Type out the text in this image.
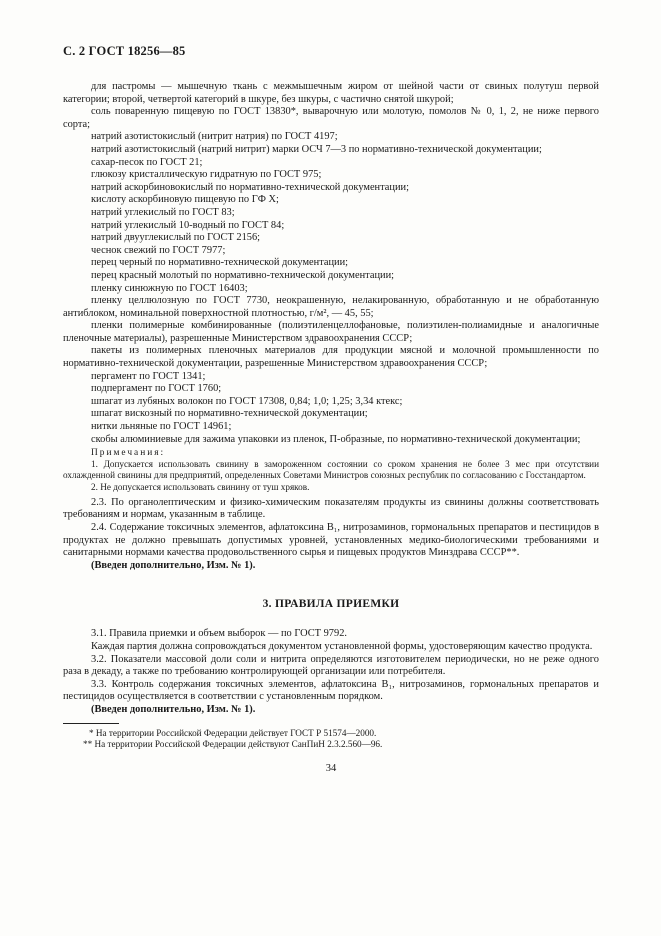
С. 2 ГОСТ 18256—85

для пастромы — мышечную ткань с межмышечным жиром от шейной части от свиных полутуш первой категории; второй, четвертой категорий в шкуре, без шкуры, с частично снятой шкурой;

соль поваренную пищевую по ГОСТ 13830*, выварочную или молотую, помолов № 0, 1, 2, не ниже первого сорта;

натрий азотистокислый (нитрит натрия) по ГОСТ 4197;

натрий азотистокислый (натрий нитрит) марки ОСЧ 7—3 по нормативно-технической документации;

сахар-песок по ГОСТ 21;

глюкозу кристаллическую гидратную по ГОСТ 975;

натрий аскорбиновокислый по нормативно-технической документации;

кислоту аскорбиновую пищевую по ГФ X;

натрий углекислый по ГОСТ 83;

натрий углекислый 10-водный по ГОСТ 84;

натрий двууглекислый по ГОСТ 2156;

чеснок свежий по ГОСТ 7977;

перец черный по нормативно-технической документации;

перец красный молотый по нормативно-технической документации;

пленку синюжную по ГОСТ 16403;

пленку целлюлозную по ГОСТ 7730, неокрашенную, нелакированную, обработанную и не обработанную антиблоком, номинальной поверхностной плотностью, г/м², — 45, 55;

пленки полимерные комбинированные (полиэтиленцеллофановые, полиэтилен-полиамидные и аналогичные пленочные материалы), разрешенные Министерством здравоохранения СССР;

пакеты из полимерных пленочных материалов для продукции мясной и молочной промышленности по нормативно-технической документации, разрешенные Министерством здравоохранения СССР;

пергамент по ГОСТ 1341;

подпергамент по ГОСТ 1760;

шпагат из лубяных волокон по ГОСТ 17308, 0,84; 1,0; 1,25; 3,34 ктекс;

шпагат вискозный по нормативно-технической документации;

нитки льняные по ГОСТ 14961;

скобы алюминиевые для зажима упаковки из пленок, П-образные, по нормативно-технической документации;

Примечания:

1. Допускается использовать свинину в замороженном состоянии со сроком хранения не более 3 мес при отсутствии охлажденной свинины для предприятий, определенных Советами Министров союзных республик по согласованию с Госстандартом.

2. Не допускается использовать свинину от туш хряков.

2.3. По органолептическим и физико-химическим показателям продукты из свинины должны соответствовать требованиям и нормам, указанным в таблице.

2.4. Содержание токсичных элементов, афлатоксина B₁, нитрозаминов, гормональных препаратов и пестицидов в продуктах не должно превышать допустимых уровней, установленных медико-биологическими требованиями и санитарными нормами качества продовольственного сырья и пищевых продуктов Минздрава СССР**.

(Введен дополнительно, Изм. № 1).

3. ПРАВИЛА ПРИЕМКИ

3.1. Правила приемки и объем выборок — по ГОСТ 9792.

Каждая партия должна сопровождаться документом установленной формы, удостоверяющим качество продукта.

3.2. Показатели массовой доли соли и нитрита определяются изготовителем периодически, но не реже одного раза в декаду, а также по требованию контролирующей организации или потребителя.

3.3. Контроль содержания токсичных элементов, афлатоксина B₁, нитрозаминов, гормональных препаратов и пестицидов осуществляется в соответствии с установленным порядком.

(Введен дополнительно, Изм. № 1).

* На территории Российской Федерации действует ГОСТ Р 51574—2000.

** На территории Российской Федерации действуют СанПиН 2.3.2.560—96.

34
